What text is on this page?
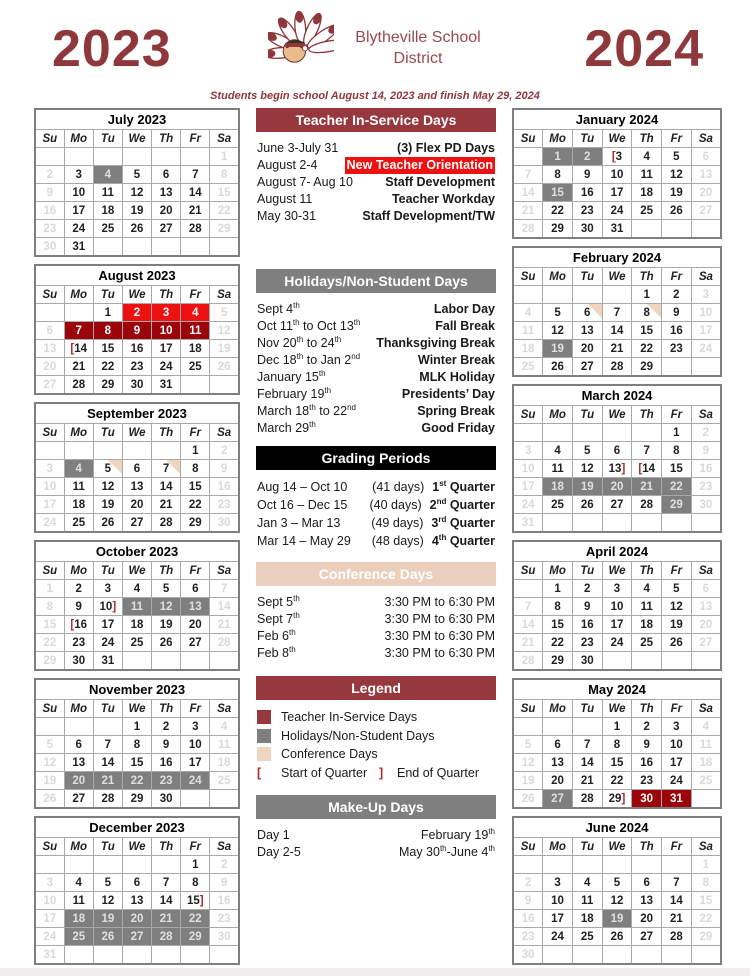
2023	Blytheville School
District	2024
Students begin school August 14, 2023 and finish May 29, 2024
July 2023						
Su	Mo	Tu	We	Th	Fr	Sa
						1
2	3	4	5	6	7	8
9	10	11	12	13	14	15
16	17	18	19	20	21	22
23	24	25	26	27	28	29
30	31					
August 2023						
Su	Mo	Tu	We	Th	Fr	Sa
		1	2	3	4	5
6	7	8	9	10	11	12
13	[14	15	16	17	18	19
20	21	22	23	24	25	26
27	28	29	30	31		
September 2023						
Su	Mo	Tu	We	Th	Fr	Sa
					1	2
3	4	5	6	7	8	9
10	11	12	13	14	15	16
17	18	19	20	21	22	23
24	25	26	27	28	29	30
October 2023						
Su	Mo	Tu	We	Th	Fr	Sa
1	2	3	4	5	6	7
8	9	10]	11	12	13	14
15	[16	17	18	19	20	21
22	23	24	25	26	27	28
29	30	31				
November 2023						
Su	Mo	Tu	We	Th	Fr	Sa
			1	2	3	4
5	6	7	8	9	10	11
12	13	14	15	16	17	18
19	20	21	22	23	24	25
26	27	28	29	30		
December 2023						
Su	Mo	Tu	We	Th	Fr	Sa
					1	2
3	4	5	6	7	8	9
10	11	12	13	14	15]	16
17	18	19	20	21	22	23
24	25	26	27	28	29	30
31						
Teacher In-Service Days
June 3-July 31	(3) Flex PD Days
August 2-4 New Teacher Orientation
August 7- Aug 10	Staff Development
August 11	Teacher Workday
May 30-31	Staff Development/TW
Holidays/Non-Student Days
Sept 4th	Labor Day
Oct 11th to Oct 13th	Fall Break
Nov 20th to 24th	Thanksgiving Break
Dec 18th to Jan 2nd	Winter Break
January 15th	MLK Holiday
February 19th	Presidents’ Day
March 18th to 22nd	Spring Break
March 29th	Good Friday
Grading Periods
Aug 14 – Oct 10	(41 days) 1st Quarter
Oct 16 – Dec 15	(40 days) 2nd Quarter
Jan 3 – Mar 13	(49 days) 3rd Quarter
Mar 14 – May 29	(48 days) 4th Quarter
Conference Days
Sept 5th	3:30 PM to 6:30 PM
Sept 7th	3:30 PM to 6:30 PM
Feb 6th	3:30 PM to 6:30 PM
Feb 8th	3:30 PM to 6:30 PM
Legend
Teacher In-Service Days
Holidays/Non-Student Days
Conference Days
[	Start of Quarter ]	End of Quarter
Make-Up Days
Day 1	February 19th
Day 2-5	May 30th-June 4th
January 2024						
Su	Mo	Tu	We	Th	Fr	Sa
	1	2	[3	4	5	6
7	8	9	10	11	12	13
14	15	16	17	18	19	20
21	22	23	24	25	26	27
28	29	30	31			
February 2024						
Su	Mo	Tu	We	Th	Fr	Sa
				1	2	3
4	5	6	7	8	9	10
11	12	13	14	15	16	17
18	19	20	21	22	23	24
25	26	27	28	29		
March 2024						
Su	Mo	Tu	We	Th	Fr	Sa
					1	2
3	4	5	6	7	8	9
10	11	12	13]	[14	15	16
17	18	19	20	21	22	23
24	25	26	27	28	29	30
31						
April 2024						
Su	Mo	Tu	We	Th	Fr	Sa
	1	2	3	4	5	6
7	8	9	10	11	12	13
14	15	16	17	18	19	20
21	22	23	24	25	26	27
28	29	30				
May 2024						
Su	Mo	Tu	We	Th	Fr	Sa
			1	2	3	4
5	6	7	8	9	10	11
12	13	14	15	16	17	18
19	20	21	22	23	24	25
26	27	28	29]	30	31	
June 2024						
Su	Mo	Tu	We	Th	Fr	Sa
						1
2	3	4	5	6	7	8
9	10	11	12	13	14	15
16	17	18	19	20	21	22
23	24	25	26	27	28	29
30						
